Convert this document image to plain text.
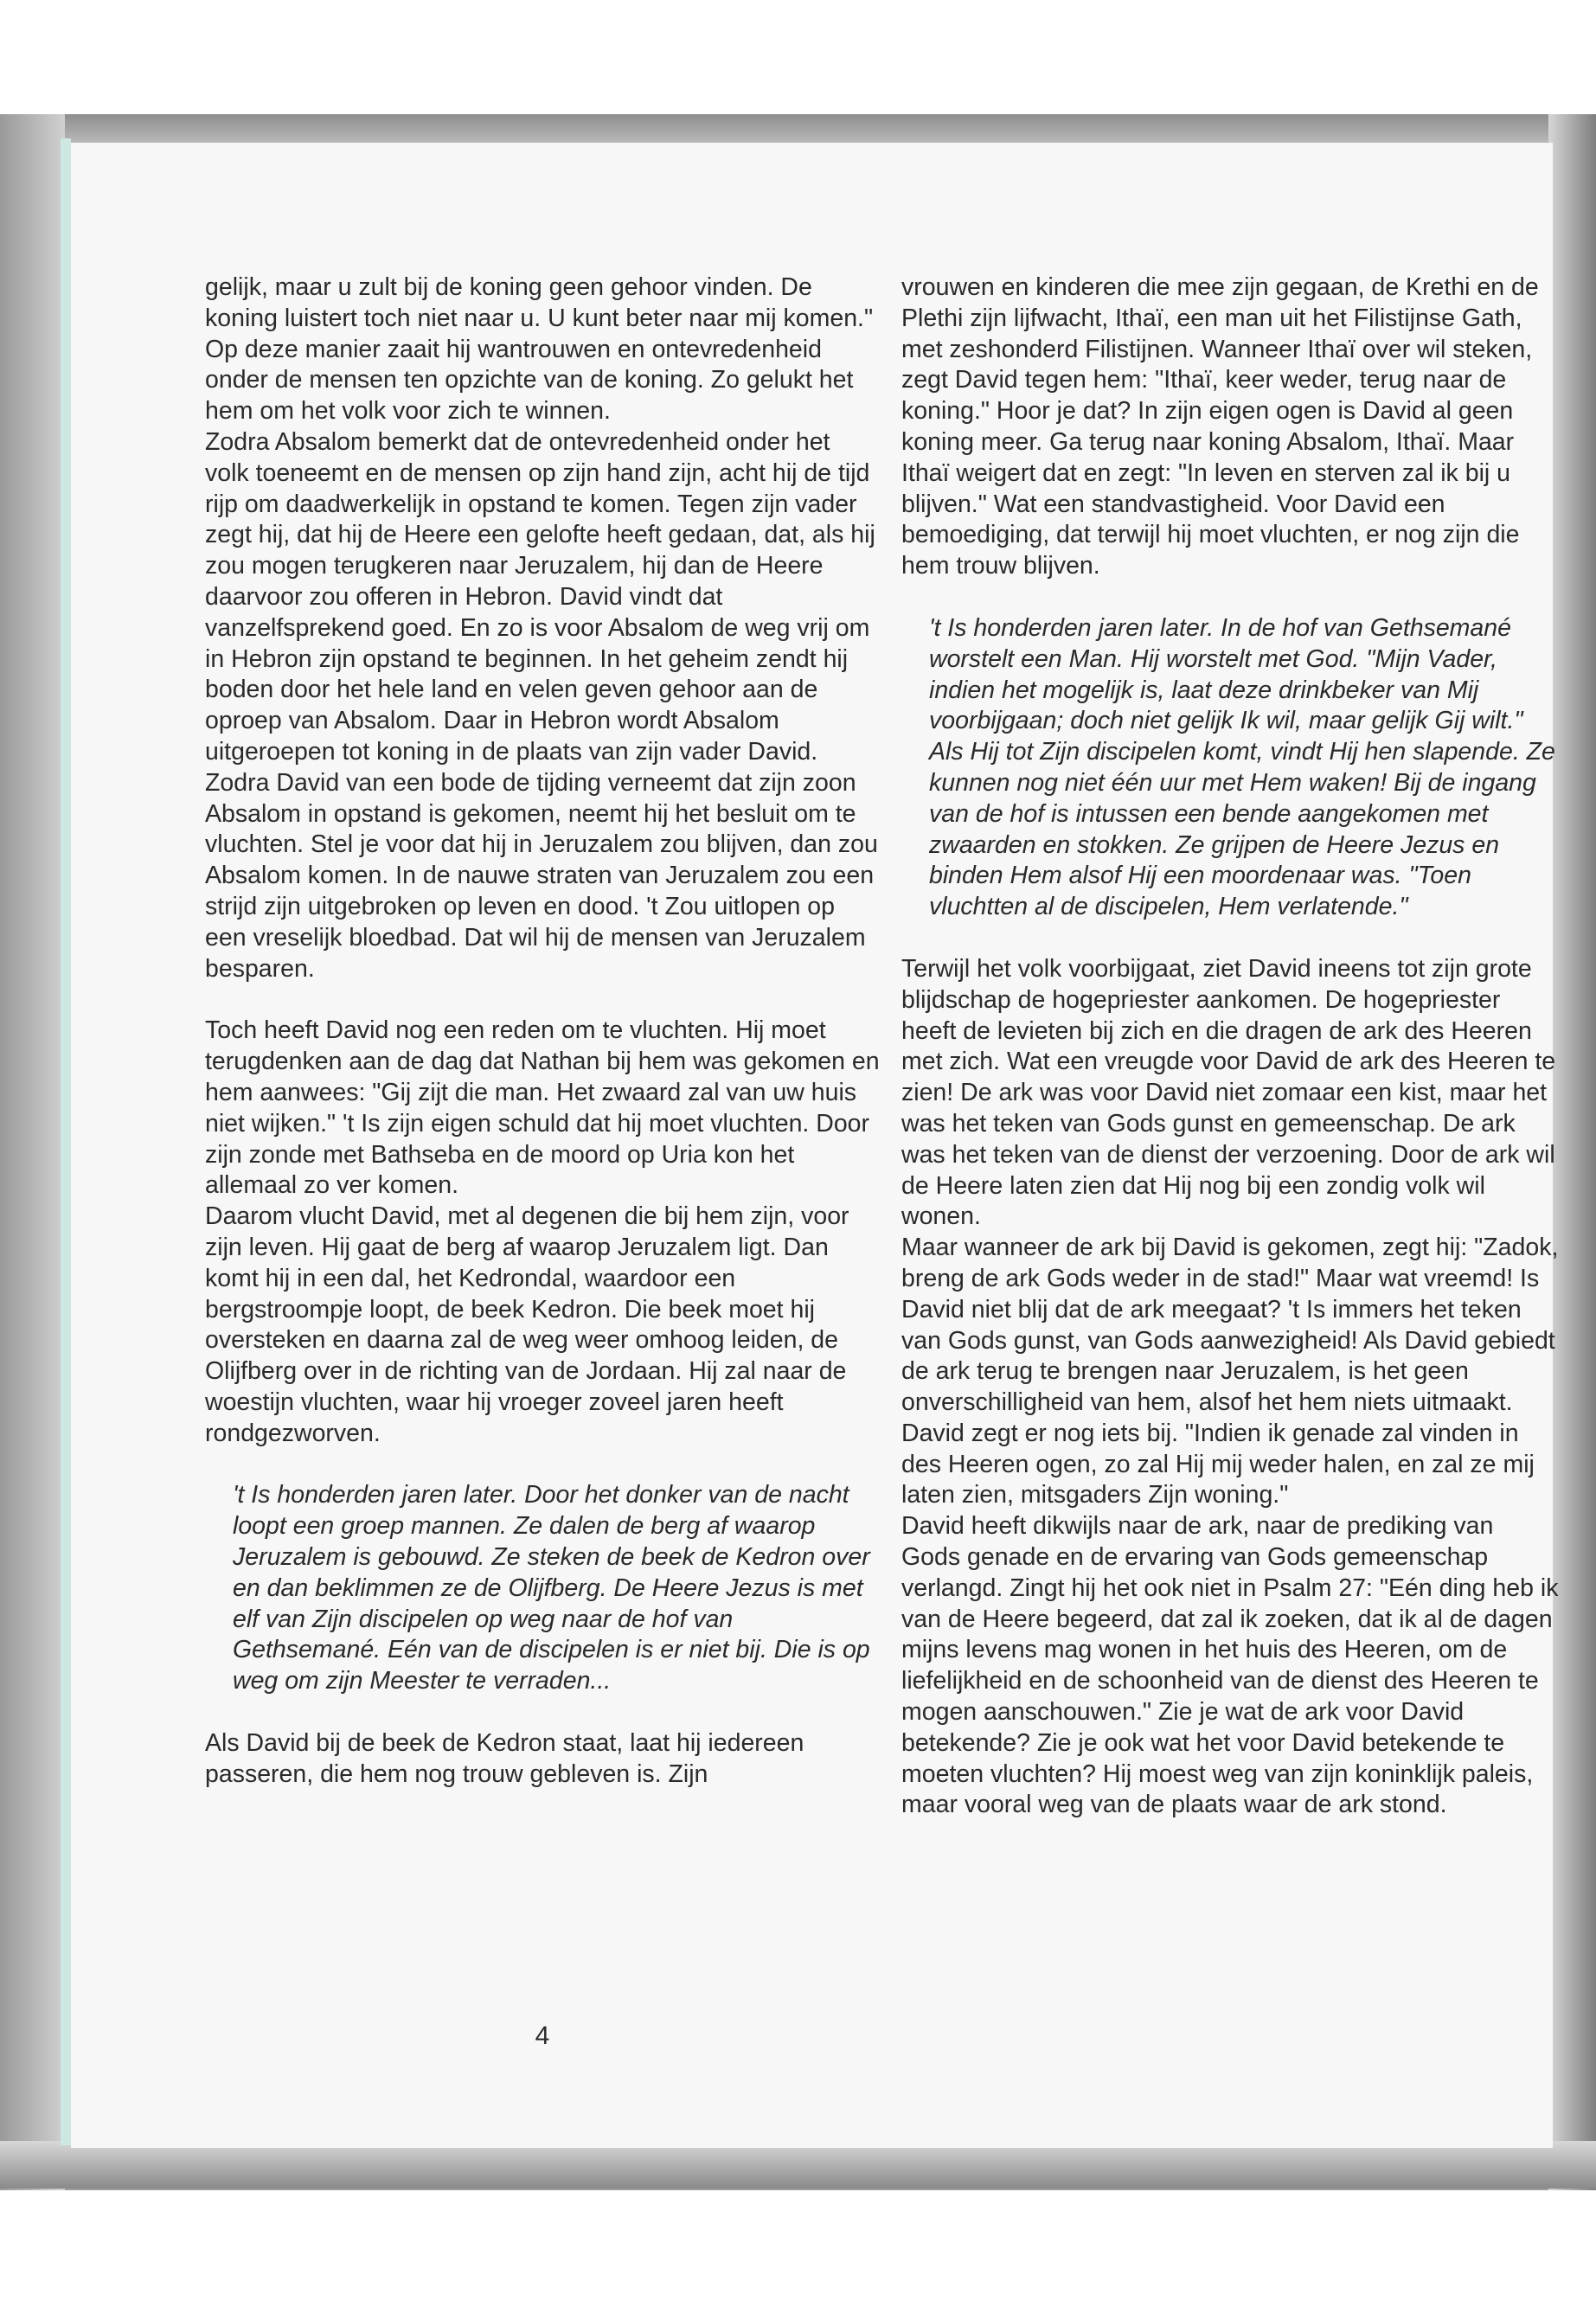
gelijk, maar u zult bij de koning geen gehoor vinden. De koning luistert toch niet naar u. U kunt beter naar mij komen." Op deze manier zaait hij wantrouwen en ontevredenheid onder de mensen ten opzichte van de koning. Zo gelukt het hem om het volk voor zich te winnen.

Zodra Absalom bemerkt dat de ontevredenheid onder het volk toeneemt en de mensen op zijn hand zijn, acht hij de tijd rijp om daadwerkelijk in opstand te komen. Tegen zijn vader zegt hij, dat hij de Heere een gelofte heeft gedaan, dat, als hij zou mogen terugkeren naar Jeruzalem, hij dan de Heere daarvoor zou offeren in Hebron. David vindt dat vanzelfsprekend goed. En zo is voor Absalom de weg vrij om in Hebron zijn opstand te beginnen. In het geheim zendt hij boden door het hele land en velen geven gehoor aan de oproep van Absalom. Daar in Hebron wordt Absalom uitgeroepen tot koning in de plaats van zijn vader David.

Zodra David van een bode de tijding verneemt dat zijn zoon Absalom in opstand is gekomen, neemt hij het besluit om te vluchten. Stel je voor dat hij in Jeruzalem zou blijven, dan zou Absalom komen. In de nauwe straten van Jeruzalem zou een strijd zijn uitgebroken op leven en dood. 't Zou uitlopen op een vreselijk bloedbad. Dat wil hij de mensen van Jeruzalem besparen.

Toch heeft David nog een reden om te vluchten. Hij moet terugdenken aan de dag dat Nathan bij hem was gekomen en hem aanwees: "Gij zijt die man. Het zwaard zal van uw huis niet wijken." 't Is zijn eigen schuld dat hij moet vluchten. Door zijn zonde met Bathseba en de moord op Uria kon het allemaal zo ver komen.

Daarom vlucht David, met al degenen die bij hem zijn, voor zijn leven. Hij gaat de berg af waarop Jeruzalem ligt. Dan komt hij in een dal, het Kedrondal, waardoor een bergstroompje loopt, de beek Kedron. Die beek moet hij oversteken en daarna zal de weg weer omhoog leiden, de Olijfberg over in de richting van de Jordaan. Hij zal naar de woestijn vluchten, waar hij vroeger zoveel jaren heeft rondgezworven.

't Is honderden jaren later. Door het donker van de nacht loopt een groep mannen. Ze dalen de berg af waarop Jeruzalem is gebouwd. Ze steken de beek de Kedron over en dan beklimmen ze de Olijfberg. De Heere Jezus is met elf van Zijn discipelen op weg naar de hof van Gethsemané. Eén van de discipelen is er niet bij. Die is op weg om zijn Meester te verraden...

Als David bij de beek de Kedron staat, laat hij iedereen passeren, die hem nog trouw gebleven is. Zijn

vrouwen en kinderen die mee zijn gegaan, de Krethi en de Plethi zijn lijfwacht, Ithaï, een man uit het Filistijnse Gath, met zeshonderd Filistijnen. Wanneer Ithaï over wil steken, zegt David tegen hem: "Ithaï, keer weder, terug naar de koning." Hoor je dat? In zijn eigen ogen is David al geen koning meer. Ga terug naar koning Absalom, Ithaï. Maar Ithaï weigert dat en zegt: "In leven en sterven zal ik bij u blijven." Wat een standvastigheid. Voor David een bemoediging, dat terwijl hij moet vluchten, er nog zijn die hem trouw blijven.

't Is honderden jaren later. In de hof van Gethsemané worstelt een Man. Hij worstelt met God. "Mijn Vader, indien het mogelijk is, laat deze drinkbeker van Mij voorbijgaan; doch niet gelijk Ik wil, maar gelijk Gij wilt." Als Hij tot Zijn discipelen komt, vindt Hij hen slapende. Ze kunnen nog niet één uur met Hem waken! Bij de ingang van de hof is intussen een bende aangekomen met zwaarden en stokken. Ze grijpen de Heere Jezus en binden Hem alsof Hij een moordenaar was. "Toen vluchtten al de discipelen, Hem verlatende."

Terwijl het volk voorbijgaat, ziet David ineens tot zijn grote blijdschap de hogepriester aankomen. De hogepriester heeft de levieten bij zich en die dragen de ark des Heeren met zich. Wat een vreugde voor David de ark des Heeren te zien! De ark was voor David niet zomaar een kist, maar het was het teken van Gods gunst en gemeenschap. De ark was het teken van de dienst der verzoening. Door de ark wil de Heere laten zien dat Hij nog bij een zondig volk wil wonen.

Maar wanneer de ark bij David is gekomen, zegt hij: "Zadok, breng de ark Gods weder in de stad!" Maar wat vreemd! Is David niet blij dat de ark meegaat? 't Is immers het teken van Gods gunst, van Gods aanwezigheid! Als David gebiedt de ark terug te brengen naar Jeruzalem, is het geen onverschilligheid van hem, alsof het hem niets uitmaakt. David zegt er nog iets bij. "Indien ik genade zal vinden in des Heeren ogen, zo zal Hij mij weder halen, en zal ze mij laten zien, mitsgaders Zijn woning."

David heeft dikwijls naar de ark, naar de prediking van Gods genade en de ervaring van Gods gemeenschap verlangd. Zingt hij het ook niet in Psalm 27: "Eén ding heb ik van de Heere begeerd, dat zal ik zoeken, dat ik al de dagen mijns levens mag wonen in het huis des Heeren, om de liefelijkheid en de schoonheid van de dienst des Heeren te mogen aanschouwen." Zie je wat de ark voor David betekende? Zie je ook wat het voor David betekende te moeten vluchten? Hij moest weg van zijn koninklijk paleis, maar vooral weg van de plaats waar de ark stond.

4
